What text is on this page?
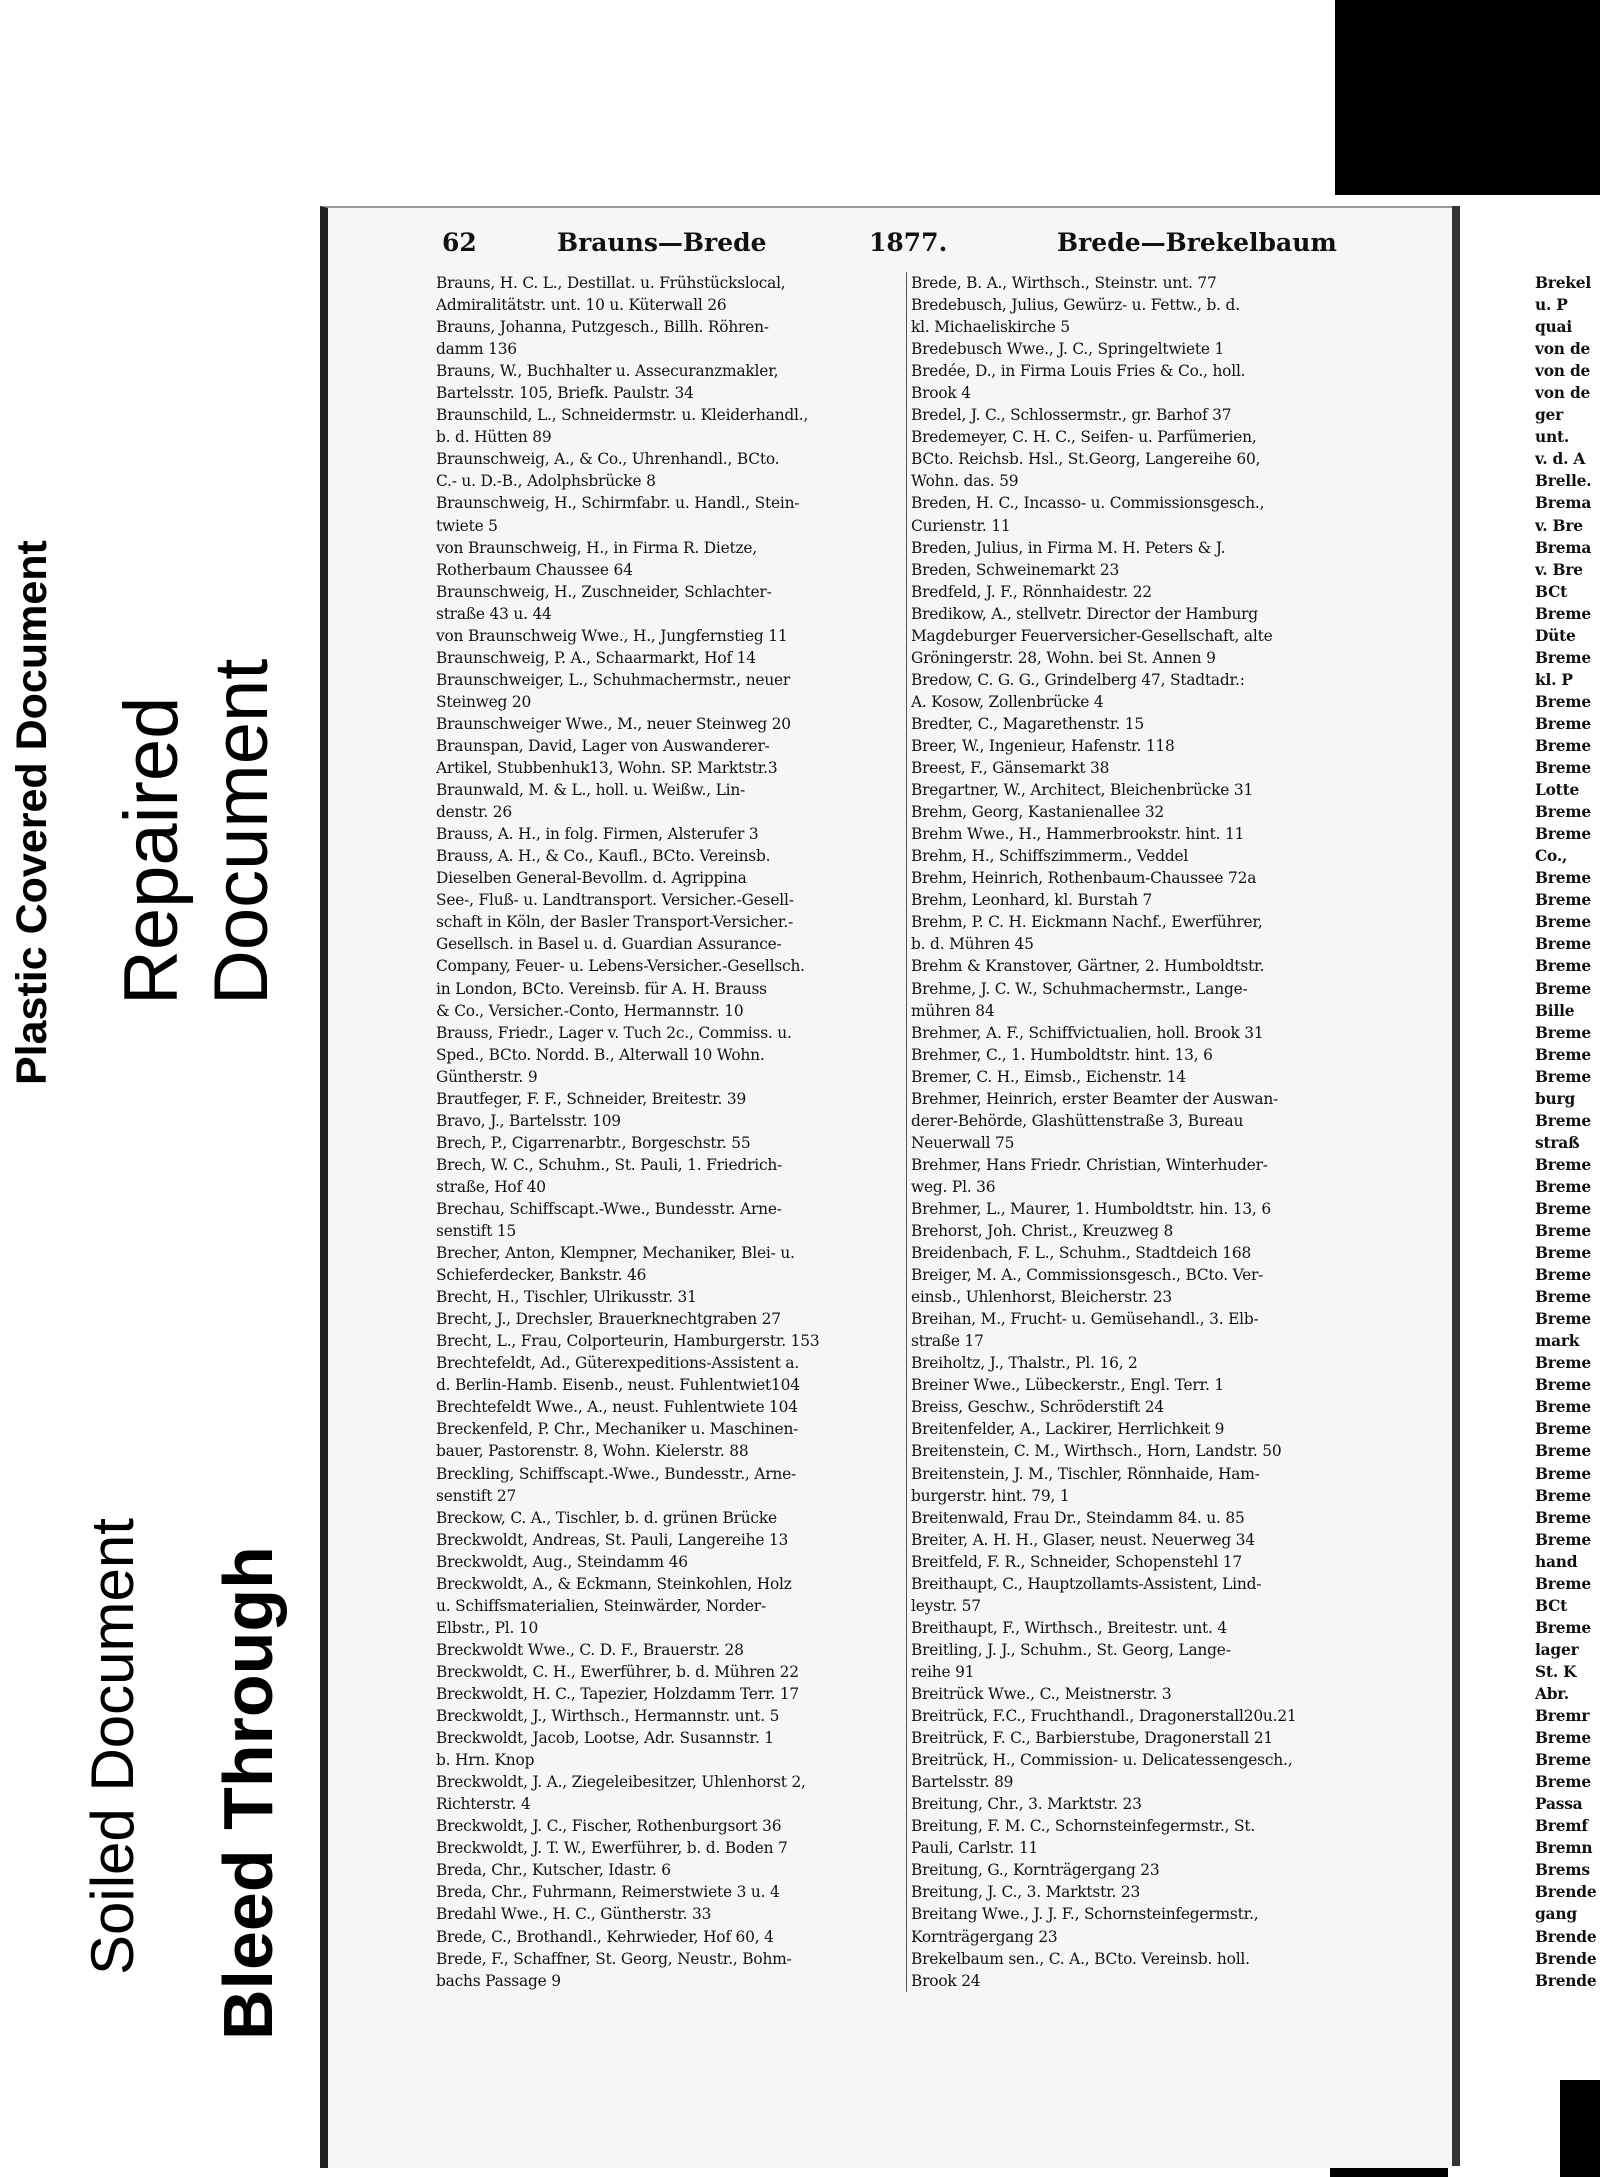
Plastic Covered Document Repaired Document
Soiled Document Bleed Through
62	Brauns—Brede	1877.	Brede—Brekelbaum

Brauns, H. C. L., Destillat. u. Frühstückslocal,

Admiralitätstr. unt. 10 u. Küterwall 26

Brauns, Johanna, Putzgesch., Billh. Röhren-

damm 136

Brauns, W., Buchhalter u. Assecuranzmakler,

Bartelsstr. 105, Briefk. Paulstr. 34

Braunschild, L., Schneidermstr. u. Kleiderhandl.,

b. d. Hütten 89

Braunschweig, A., & Co., Uhrenhandl., BCto.

C.- u. D.-B., Adolphsbrücke 8

Braunschweig, H., Schirmfabr. u. Handl., Stein-

twiete 5

von Braunschweig, H., in Firma R. Dietze,

Rotherbaum Chaussee 64

Braunschweig, H., Zuschneider, Schlachter-

straße 43 u. 44

von Braunschweig Wwe., H., Jungfernstieg 11

Braunschweig, P. A., Schaarmarkt, Hof 14

Braunschweiger, L., Schuhmachermstr., neuer

Steinweg 20

Braunschweiger Wwe., M., neuer Steinweg 20

Braunspan, David, Lager von Auswanderer-

Artikel, Stubbenhuk13, Wohn. SP. Marktstr.3

Braunwald, M. & L., holl. u. Weißw., Lin-

denstr. 26

Brauss, A. H., in folg. Firmen, Alsterufer 3

Brauss, A. H., & Co., Kaufl., BCto. Vereinsb.

Dieselben General-Bevollm. d. Agrippina

See-, Fluß- u. Landtransport. Versicher.-Gesell-

schaft in Köln, der Basler Transport-Versicher.-

Gesellsch. in Basel u. d. Guardian Assurance-

Company, Feuer- u. Lebens-Versicher.-Gesellsch.

in London, BCto. Vereinsb. für A. H. Brauss

& Co., Versicher.-Conto, Hermannstr. 10

Brauss, Friedr., Lager v. Tuch 2c., Commiss. u.

Sped., BCto. Nordd. B., Alterwall 10 Wohn.

Güntherstr. 9

Brautfeger, F. F., Schneider, Breitestr. 39

Bravo, J., Bartelsstr. 109

Brech, P., Cigarrenarbtr., Borgeschstr. 55

Brech, W. C., Schuhm., St. Pauli, 1. Friedrich-

straße, Hof 40

Brechau, Schiffscapt.-Wwe., Bundesstr. Arne-

senstift 15

Brecher, Anton, Klempner, Mechaniker, Blei- u.

Schieferdecker, Bankstr. 46

Brecht, H., Tischler, Ulrikusstr. 31

Brecht, J., Drechsler, Brauerknechtgraben 27

Brecht, L., Frau, Colporteurin, Hamburgerstr. 153

Brechtefeldt, Ad., Güterexpeditions-Assistent a.

d. Berlin-Hamb. Eisenb., neust. Fuhlentwiet104

Brechtefeldt Wwe., A., neust. Fuhlentwiete 104

Breckenfeld, P. Chr., Mechaniker u. Maschinen-

bauer, Pastorenstr. 8, Wohn. Kielerstr. 88

Breckling, Schiffscapt.-Wwe., Bundesstr., Arne-

senstift 27

Breckow, C. A., Tischler, b. d. grünen Brücke

Breckwoldt, Andreas, St. Pauli, Langereihe 13

Breckwoldt, Aug., Steindamm 46

Breckwoldt, A., & Eckmann, Steinkohlen, Holz

u. Schiffsmaterialien, Steinwärder, Norder-

Elbstr., Pl. 10

Breckwoldt Wwe., C. D. F., Brauerstr. 28

Breckwoldt, C. H., Ewerführer, b. d. Mühren 22

Breckwoldt, H. C., Tapezier, Holzdamm Terr. 17

Breckwoldt, J., Wirthsch., Hermannstr. unt. 5

Breckwoldt, Jacob, Lootse, Adr. Susannstr. 1

b. Hrn. Knop

Breckwoldt, J. A., Ziegeleibesitzer, Uhlenhorst 2,

Richterstr. 4

Breckwoldt, J. C., Fischer, Rothenburgsort 36

Breckwoldt, J. T. W., Ewerführer, b. d. Boden 7

Breda, Chr., Kutscher, Idastr. 6

Breda, Chr., Fuhrmann, Reimerstwiete 3 u. 4

Bredahl Wwe., H. C., Güntherstr. 33

Brede, C., Brothandl., Kehrwieder, Hof 60, 4

Brede, F., Schaffner, St. Georg, Neustr., Bohm-

bachs Passage 9

Brede, B. A., Wirthsch., Steinstr. unt. 77

Bredebusch, Julius, Gewürz- u. Fettw., b. d.

kl. Michaeliskirche 5

Bredebusch Wwe., J. C., Springeltwiete 1

Bredée, D., in Firma Louis Fries & Co., holl.

Brook 4

Bredel, J. C., Schlossermstr., gr. Barhof 37

Bredemeyer, C. H. C., Seifen- u. Parfümerien,

BCto. Reichsb. Hsl., St.Georg, Langereihe 60,

Wohn. das. 59

Breden, H. C., Incasso- u. Commissionsgesch.,

Curienstr. 11

Breden, Julius, in Firma M. H. Peters & J.

Breden, Schweinemarkt 23

Bredfeld, J. F., Rönnhaidestr. 22

Bredikow, A., stellvetr. Director der Hamburg

Magdeburger Feuerversicher-Gesellschaft, alte

Gröningerstr. 28, Wohn. bei St. Annen 9

Bredow, C. G. G., Grindelberg 47, Stadtadr.:

A. Kosow, Zollenbrücke 4

Bredter, C., Magarethenstr. 15

Breer, W., Ingenieur, Hafenstr. 118

Breest, F., Gänsemarkt 38

Bregartner, W., Architect, Bleichenbrücke 31

Brehm, Georg, Kastanienallee 32

Brehm Wwe., H., Hammerbrookstr. hint. 11

Brehm, H., Schiffszimmerm., Veddel

Brehm, Heinrich, Rothenbaum-Chaussee 72a

Brehm, Leonhard, kl. Burstah 7

Brehm, P. C. H. Eickmann Nachf., Ewerführer,

b. d. Mühren 45

Brehm & Kranstover, Gärtner, 2. Humboldtstr.

Brehme, J. C. W., Schuhmachermstr., Lange-

mühren 84

Brehmer, A. F., Schiffvictualien, holl. Brook 31

Brehmer, C., 1. Humboldtstr. hint. 13, 6

Bremer, C. H., Eimsb., Eichenstr. 14

Brehmer, Heinrich, erster Beamter der Auswan-

derer-Behörde, Glashüttenstraße 3, Bureau

Neuerwall 75

Brehmer, Hans Friedr. Christian, Winterhuder-

weg. Pl. 36

Brehmer, L., Maurer, 1. Humboldtstr. hin. 13, 6

Brehorst, Joh. Christ., Kreuzweg 8

Breidenbach, F. L., Schuhm., Stadtdeich 168

Breiger, M. A., Commissionsgesch., BCto. Ver-

einsb., Uhlenhorst, Bleicherstr. 23

Breihan, M., Frucht- u. Gemüsehandl., 3. Elb-

straße 17

Breiholtz, J., Thalstr., Pl. 16, 2

Breiner Wwe., Lübeckerstr., Engl. Terr. 1

Breiss, Geschw., Schröderstift 24

Breitenfelder, A., Lackirer, Herrlichkeit 9

Breitenstein, C. M., Wirthsch., Horn, Landstr. 50

Breitenstein, J. M., Tischler, Rönnhaide, Ham-

burgerstr. hint. 79, 1

Breitenwald, Frau Dr., Steindamm 84. u. 85

Breiter, A. H. H., Glaser, neust. Neuerweg 34

Breitfeld, F. R., Schneider, Schopenstehl 17

Breithaupt, C., Hauptzollamts-Assistent, Lind-

leystr. 57

Breithaupt, F., Wirthsch., Breitestr. unt. 4

Breitling, J. J., Schuhm., St. Georg, Lange-

reihe 91

Breitrück Wwe., C., Meistnerstr. 3

Breitrück, F.C., Fruchthandl., Dragonerstall20u.21

Breitrück, F. C., Barbierstube, Dragonerstall 21

Breitrück, H., Commission- u. Delicatessengesch.,

Bartelsstr. 89

Breitung, Chr., 3. Marktstr. 23

Breitung, F. M. C., Schornsteinfegermstr., St.

Pauli, Carlstr. 11

Breitung, G., Kornträgergang 23

Breitung, J. C., 3. Marktstr. 23

Breitang Wwe., J. J. F., Schornsteinfegermstr.,

Kornträgergang 23

Brekelbaum sen., C. A., BCto. Vereinsb. holl.

Brook 24

Brekel

u. P

quai

von de

von de

von de

ger

unt.

v. d. A

Brelle.

Brema

v. Bre

Brema

v. Bre

BCt

Breme

Düte

Breme

kl. P

Breme

Breme

Breme

Breme

Lotte

Breme

Breme

Co.,

Breme

Breme

Breme

Breme

Breme

Breme

Bille

Breme

Breme

Breme

burg

Breme

straß

Breme

Breme

Breme

Breme

Breme

Breme

Breme

Breme

mark

Breme

Breme

Breme

Breme

Breme

Breme

Breme

Breme

Breme

hand

Breme

BCt

Breme

lager

St. K

Abr.

Bremr

Breme

Breme

Breme

Passa

Bremf

Bremn

Brems

Brende

gang

Brende

Brende

Brende
